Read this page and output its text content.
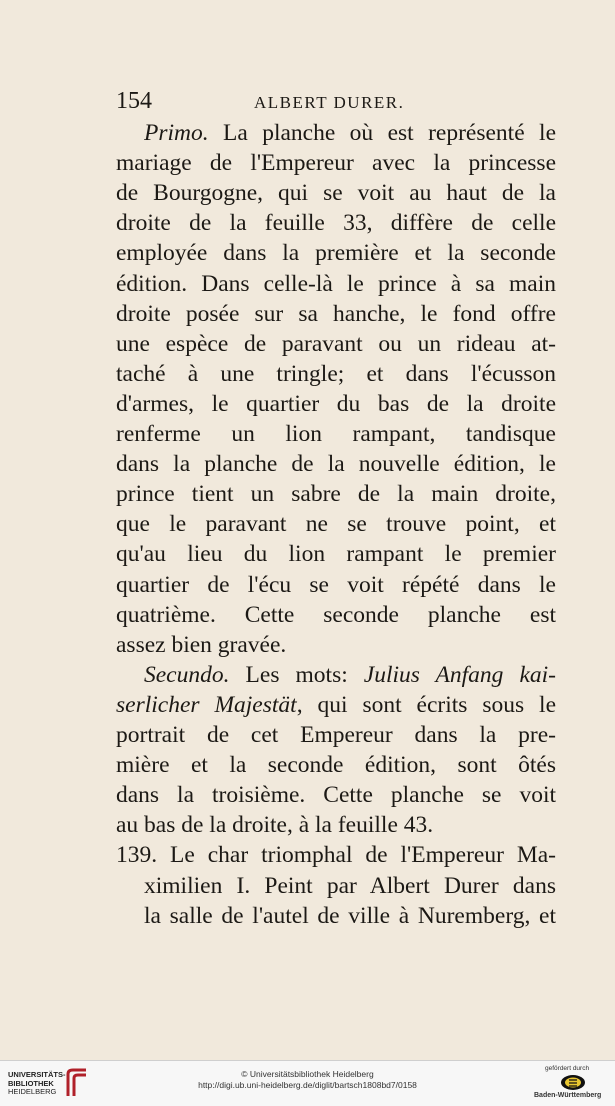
154	ALBERT DURER.
Primo. La planche où est représenté le
mariage de l'Empereur avec la princesse
de Bourgogne, qui se voit au haut de la
droite de la feuille 33, diffère de celle
employée dans la première et la seconde
édition. Dans celle-là le prince à sa main
droite posée sur sa hanche, le fond offre
une espèce de paravant ou un rideau at-
taché à une tringle; et dans l'écusson
d'armes, le quartier du bas de la droite
renferme un lion rampant, tandisque
dans la planche de la nouvelle édition, le
prince tient un sabre de la main droite,
que le paravant ne se trouve point, et
qu'au lieu du lion rampant le premier
quartier de l'écu se voit répété dans le
quatrième. Cette seconde planche est
assez bien gravée.
Secundo. Les mots: Julius Anfang kai-
serlicher Majestät, qui sont écrits sous le
portrait de cet Empereur dans la pre-
mière et la seconde édition, sont ôtés
dans la troisième. Cette planche se voit
au bas de la droite, à la feuille 43.
139. Le char triomphal de l'Empereur Ma-
ximilien I. Peint par Albert Durer dans
la salle de l'autel de ville à Nuremberg, et
UNIVERSITÄTS-
BIBLIOTHEK
HEIDELBERG
© Universitätsbibliothek Heidelberg
http://digi.ub.uni-heidelberg.de/diglit/bartsch1808bd7/0158
gefördert durch
Baden-Württemberg
